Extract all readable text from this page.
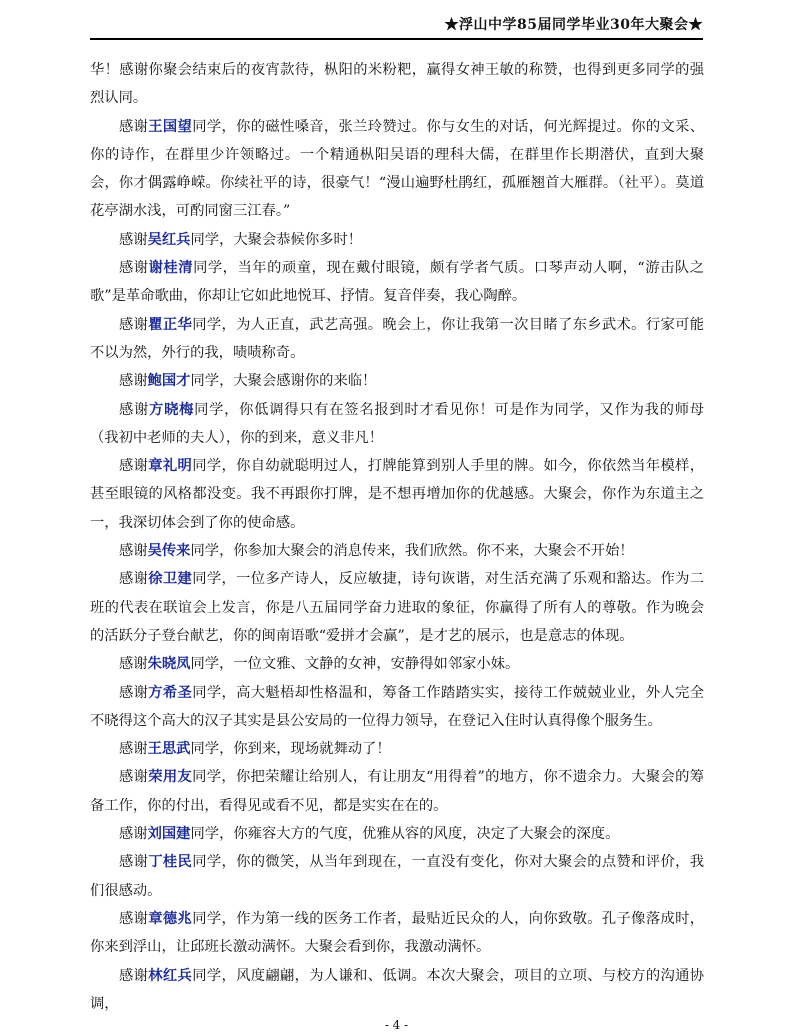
★浮山中学85届同学毕业30年大聚会★

华！感谢你聚会结束后的夜宵款待，枞阳的米粉粑，赢得女神王敏的称赞，也得到更多同学的强烈认同。

感谢王国望同学，你的磁性嗓音，张兰玲赞过。你与女生的对话，何光辉提过。你的文采、你的诗作，在群里少许领略过。一个精通枞阳吴语的理科大儒，在群里作长期潜伏，直到大聚会，你才偶露峥嵘。你续社平的诗，很豪气！“漫山遍野杜鹃红，孤雁翘首大雁群。（社平）。莫道花亭湖水浅，可酌同窗三江春。”

感谢吴红兵同学，大聚会恭候你多时！

感谢谢桂清同学，当年的顽童，现在戴付眼镜，颇有学者气质。口琴声动人啊，“游击队之歌”是革命歌曲，你却让它如此地悦耳、抒情。复音伴奏，我心陶醉。

感谢瞿正华同学，为人正直，武艺高强。晚会上，你让我第一次目睹了东乡武术。行家可能不以为然，外行的我，啧啧称奇。

感谢鲍国才同学，大聚会感谢你的来临！

感谢方晓梅同学，你低调得只有在签名报到时才看见你！可是作为同学，又作为我的师母（我初中老师的夫人），你的到来，意义非凡！

感谢章礼明同学，你自幼就聪明过人，打牌能算到别人手里的牌。如今，你依然当年模样，甚至眼镜的风格都没变。我不再跟你打牌，是不想再增加你的优越感。大聚会，你作为东道主之一，我深切体会到了你的使命感。

感谢吴传来同学，你参加大聚会的消息传来，我们欣然。你不来，大聚会不开始！

感谢徐卫建同学，一位多产诗人，反应敏捷，诗句诙谐，对生活充满了乐观和豁达。作为二班的代表在联谊会上发言，你是八五届同学奋力进取的象征，你赢得了所有人的尊敬。作为晚会的活跃分子登台献艺，你的闽南语歌“爱拼才会赢”，是才艺的展示，也是意志的体现。

感谢朱晓凤同学，一位文雅、文静的女神，安静得如邻家小妹。

感谢方希圣同学，高大魁梧却性格温和，筹备工作踏踏实实，接待工作兢兢业业，外人完全不晓得这个高大的汉子其实是县公安局的一位得力领导，在登记入住时认真得像个服务生。

感谢王思武同学，你到来，现场就舞动了！

感谢荣用友同学，你把荣耀让给别人，有让朋友“用得着”的地方，你不遗余力。大聚会的筹备工作，你的付出，看得见或看不见，都是实实在在的。

感谢刘国建同学，你雍容大方的气度，优雅从容的风度，决定了大聚会的深度。

感谢丁桂民同学，你的微笑，从当年到现在，一直没有变化，你对大聚会的点赞和评价，我们很感动。

感谢章德兆同学，作为第一线的医务工作者，最贴近民众的人，向你致敬。孔子像落成时，你来到浮山，让邱班长激动满怀。大聚会看到你，我激动满怀。

感谢林红兵同学，风度翩翩，为人谦和、低调。本次大聚会，项目的立项、与校方的沟通协调，

- 4 -
